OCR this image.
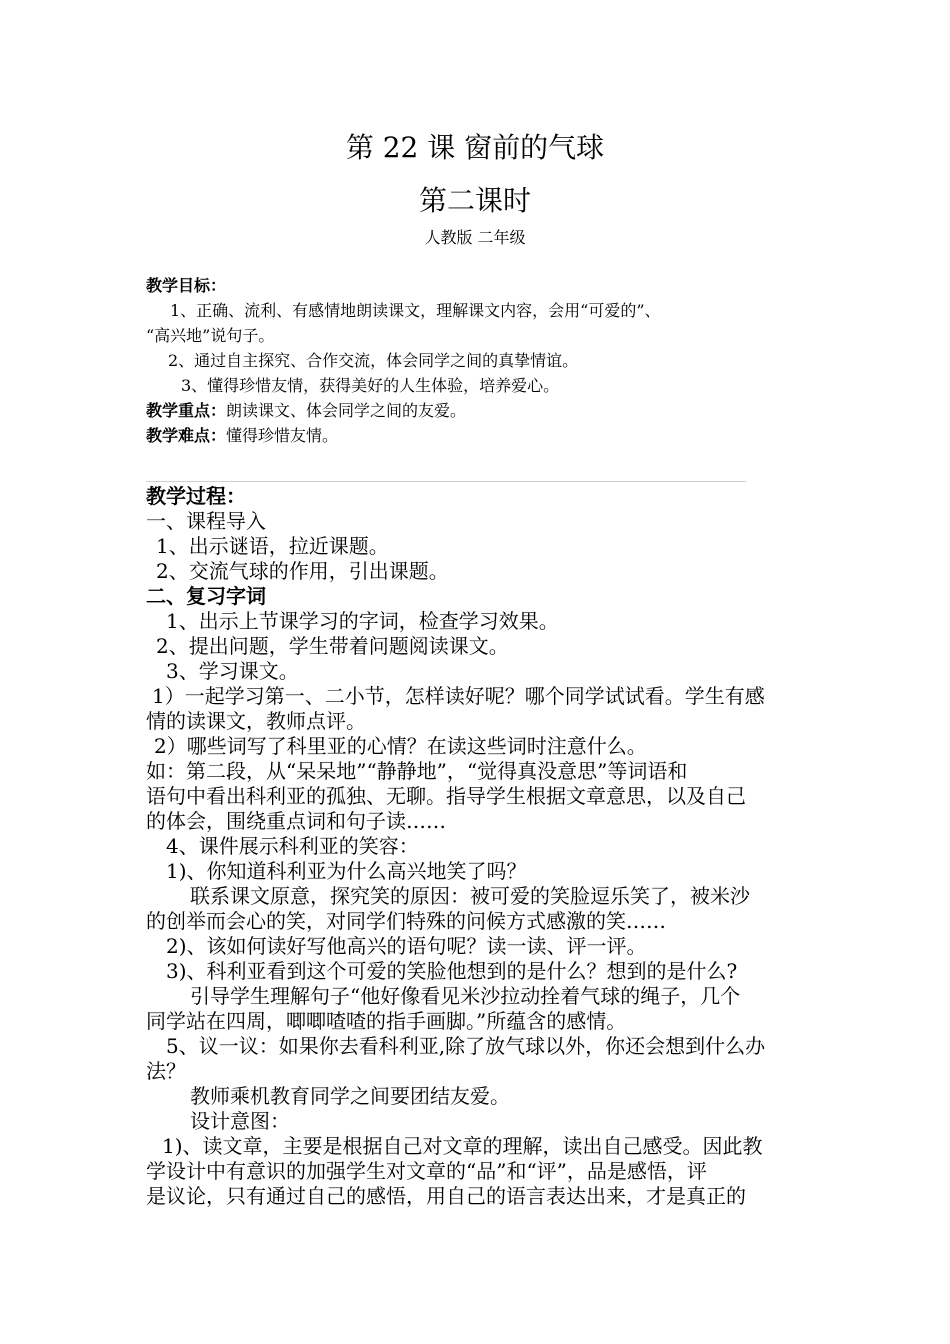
第 22 课 窗前的气球
第二课时
人教版 二年级
教学目标：
1、正确、流利、有感情地朗读课文，理解课文内容，会用“可爱的”、
“高兴地”说句子。
2、通过自主探究、合作交流，体会同学之间的真挚情谊。
3、懂得珍惜友情，获得美好的人生体验，培养爱心。
教学重点：朗读课文、体会同学之间的友爱。
教学难点：懂得珍惜友情。
教学过程：
一、课程导入
1、出示谜语，拉近课题。
2、交流气球的作用，引出课题。
二、复习字词
1、出示上节课学习的字词，检查学习效果。
2、提出问题，学生带着问题阅读课文。
3、学习课文。
1）一起学习第一、二小节，怎样读好呢？哪个同学试试看。学生有感
情的读课文，教师点评。
2）哪些词写了科里亚的心情？在读这些词时注意什么。
如：第二段，从“呆呆地”“静静地”，“觉得真没意思”等词语和
语句中看出科利亚的孤独、无聊。指导学生根据文章意思，以及自己
的体会，围绕重点词和句子读……
4、课件展示科利亚的笑容：
1)、你知道科利亚为什么高兴地笑了吗？
联系课文原意，探究笑的原因：被可爱的笑脸逗乐笑了，被米沙
的创举而会心的笑，对同学们特殊的问候方式感激的笑……
2)、该如何读好写他高兴的语句呢？读一读、评一评。
3)、科利亚看到这个可爱的笑脸他想到的是什么？想到的是什么?
引导学生理解句子“他好像看见米沙拉动拴着气球的绳子，几个
同学站在四周，唧唧喳喳的指手画脚。”所蕴含的感情。
5、议一议：如果你去看科利亚,除了放气球以外，你还会想到什么办
法？
教师乘机教育同学之间要团结友爱。
设计意图：
1)、读文章，主要是根据自己对文章的理解，读出自己感受。因此教
学设计中有意识的加强学生对文章的“品”和“评”，品是感悟，评
是议论，只有通过自己的感悟，用自己的语言表达出来，才是真正的
